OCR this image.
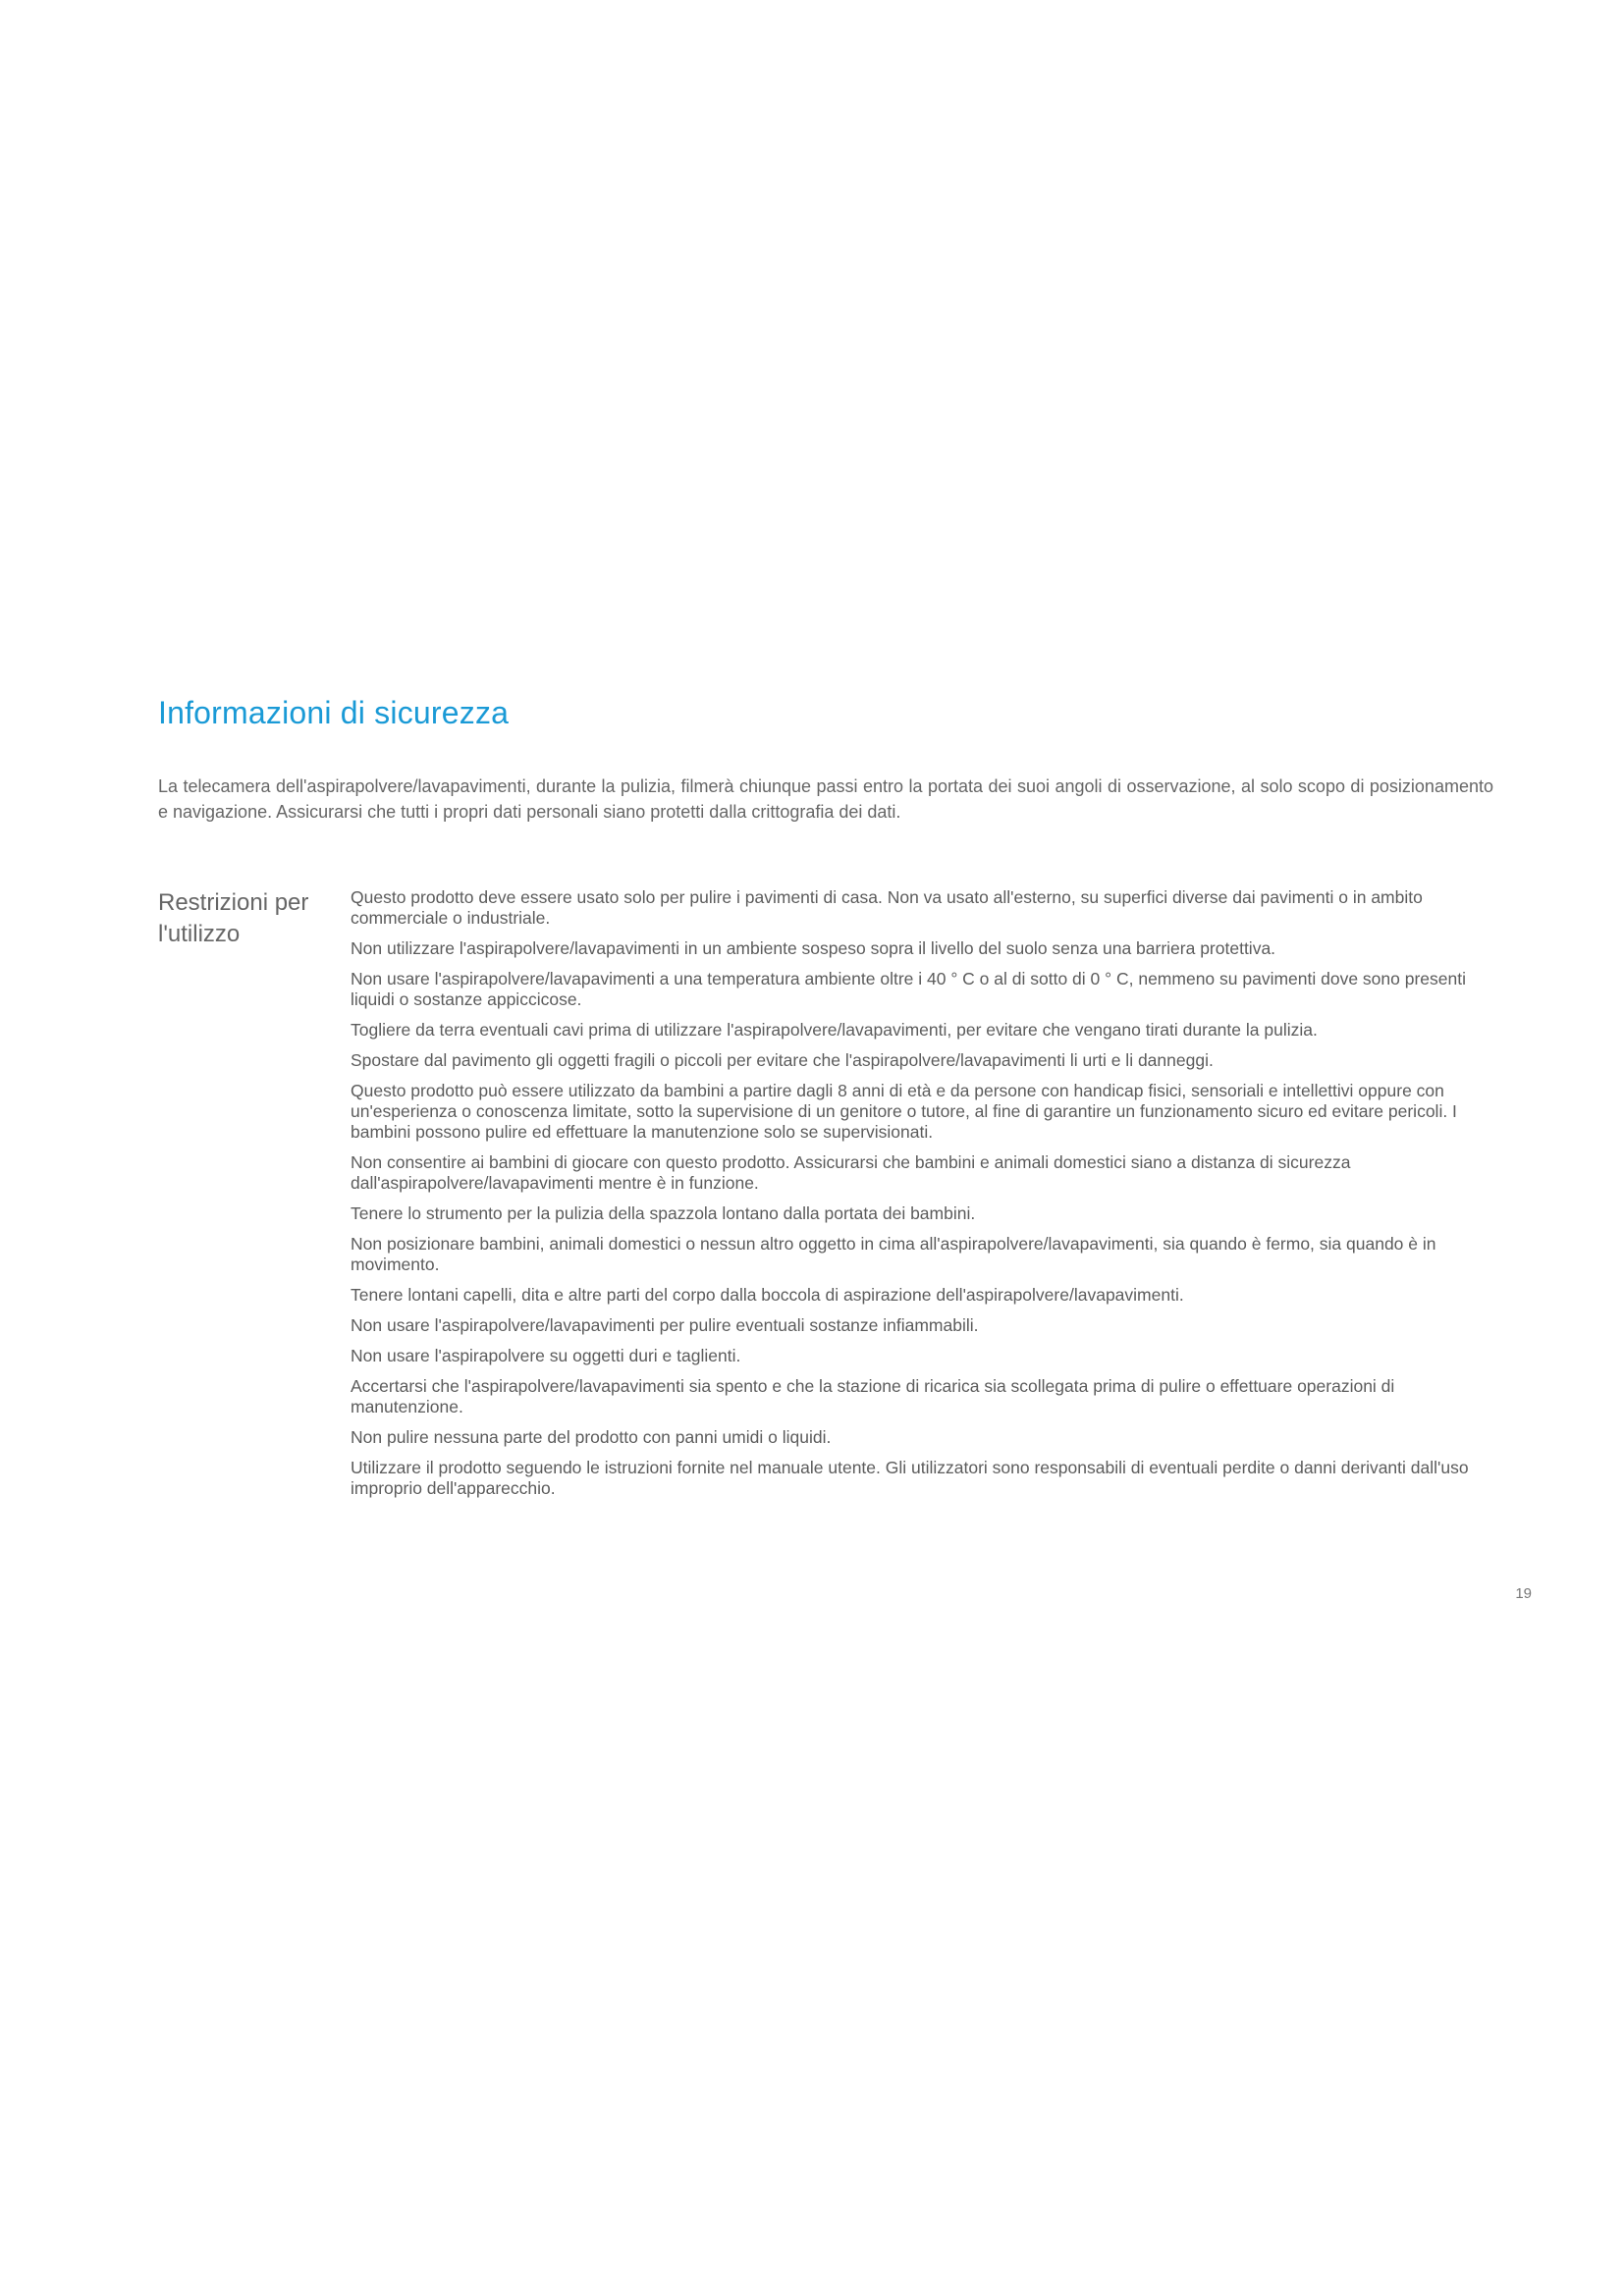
Informazioni di sicurezza

La telecamera dell'aspirapolvere/lavapavimenti, durante la pulizia, filmerà chiunque passi entro la portata dei suoi angoli di osservazione, al solo scopo di posizionamento e navigazione. Assicurarsi che tutti i propri dati personali siano protetti dalla crittografia dei dati.

Restrizioni per l'utilizzo
Questo prodotto deve essere usato solo per pulire i pavimenti di casa. Non va usato all'esterno, su superfici diverse dai pavimenti o in ambito commerciale o industriale.
Non utilizzare l'aspirapolvere/lavapavimenti in un ambiente sospeso sopra il livello del suolo senza una barriera protettiva.
Non usare l'aspirapolvere/lavapavimenti a una temperatura ambiente oltre i 40 ° C o al di sotto di 0 ° C, nemmeno su pavimenti dove sono presenti liquidi o sostanze appiccicose.
Togliere da terra eventuali cavi prima di utilizzare l'aspirapolvere/lavapavimenti, per evitare che vengano tirati durante la pulizia.
Spostare dal pavimento gli oggetti fragili o piccoli per evitare che l'aspirapolvere/lavapavimenti li urti e li danneggi.
Questo prodotto può essere utilizzato da bambini a partire dagli 8 anni di età e da persone con handicap fisici, sensoriali e intellettivi oppure con un'esperienza o conoscenza limitate, sotto la supervisione di un genitore o tutore, al fine di garantire un funzionamento sicuro ed evitare pericoli. I bambini possono pulire ed effettuare la manutenzione solo se supervisionati.
Non consentire ai bambini di giocare con questo prodotto. Assicurarsi che bambini e animali domestici siano a distanza di sicurezza dall'aspirapolvere/lavapavimenti mentre è in funzione.
Tenere lo strumento per la pulizia della spazzola lontano dalla portata dei bambini.
Non posizionare bambini, animali domestici o nessun altro oggetto in cima all'aspirapolvere/lavapavimenti, sia quando è fermo, sia quando è in movimento.
Tenere lontani capelli, dita e altre parti del corpo dalla boccola di aspirazione dell'aspirapolvere/lavapavimenti.
Non usare l'aspirapolvere/lavapavimenti per pulire eventuali sostanze infiammabili.
Non usare l'aspirapolvere su oggetti duri e taglienti.
Accertarsi che l'aspirapolvere/lavapavimenti sia spento e che la stazione di ricarica sia scollegata prima di pulire o effettuare operazioni di manutenzione.
Non pulire nessuna parte del prodotto con panni umidi o liquidi.
Utilizzare il prodotto seguendo le istruzioni fornite nel manuale utente. Gli utilizzatori sono responsabili di eventuali perdite o danni derivanti dall'uso improprio dell'apparecchio.
19
